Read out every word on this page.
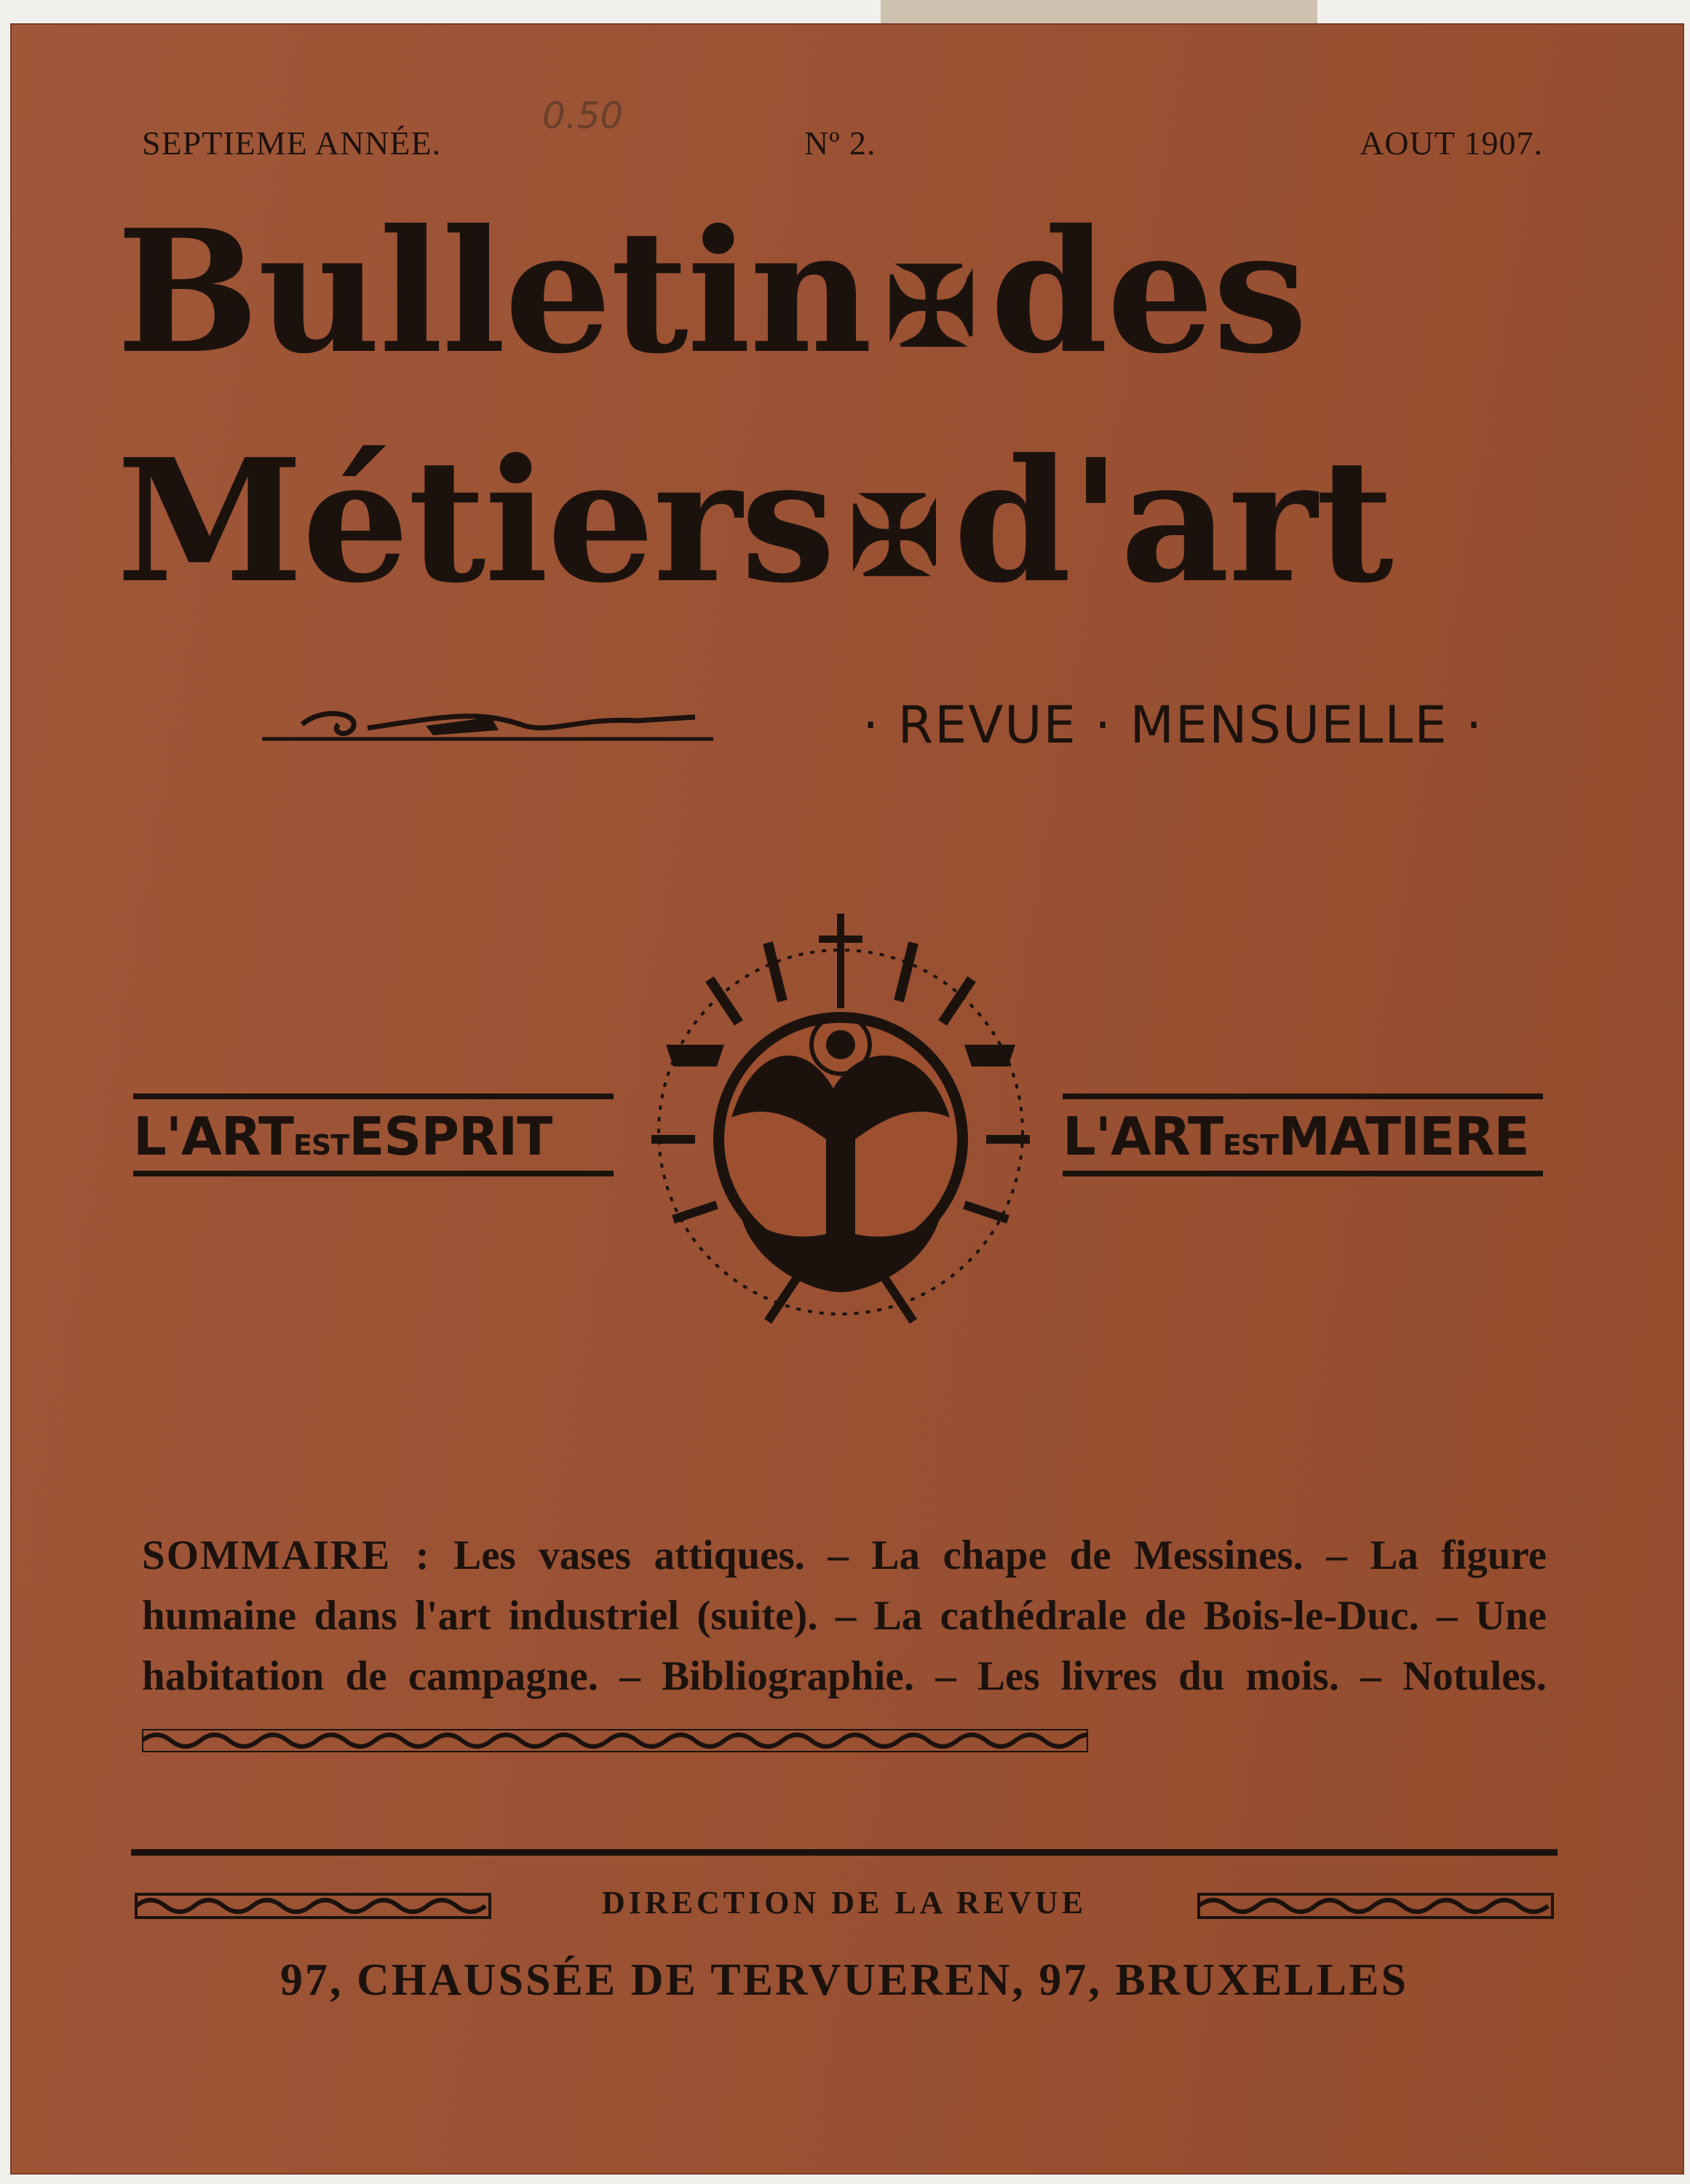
SEPTIEME ANNÉE.	Nº 2.	AOUT 1907.
0.50
Bulletin ✠des
Métiers ✠d'art
· REVUE · MENSUELLE ·
L'ARTESTESPRIT	L'ARTESTMATIERE
SOMMAIRE : Les vases attiques. – La chape de Messines. – La figure humaine dans l'art industriel (suite). – La cathédrale de Bois-le-Duc. – Une habitation de campagne. – Bibliographie. – Les livres du mois. – Notules.
DIRECTION DE LA REVUE
97, CHAUSSÉE DE TERVUEREN, 97, BRUXELLES
